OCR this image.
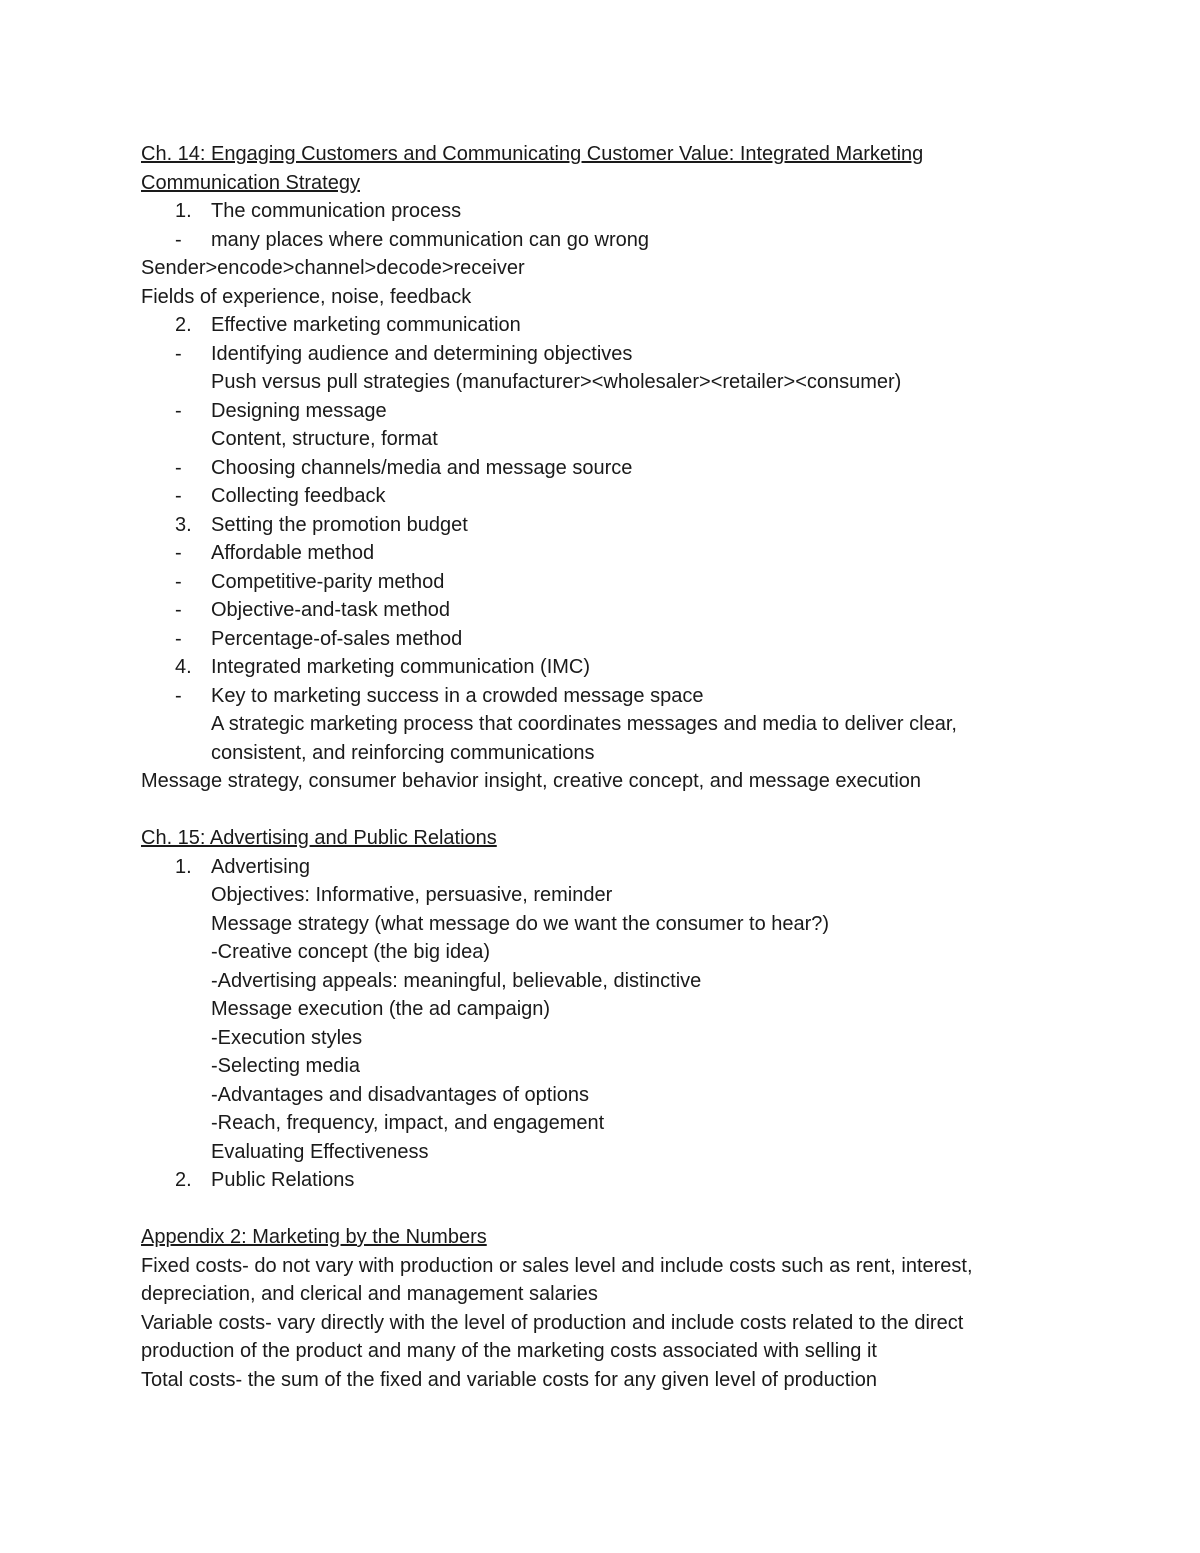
Ch. 14: Engaging Customers and Communicating Customer Value: Integrated Marketing
Communication Strategy
1. The communication process
- many places where communication can go wrong
Sender>encode>channel>decode>receiver
Fields of experience, noise, feedback
2. Effective marketing communication
- Identifying audience and determining objectives
Push versus pull strategies (manufacturer><wholesaler><retailer><consumer)
- Designing message
Content, structure, format
- Choosing channels/media and message source
- Collecting feedback
3. Setting the promotion budget
- Affordable method
- Competitive-parity method
- Objective-and-task method
- Percentage-of-sales method
4. Integrated marketing communication (IMC)
- Key to marketing success in a crowded message space
A strategic marketing process that coordinates messages and media to deliver clear,
consistent, and reinforcing communications
Message strategy, consumer behavior insight, creative concept, and message execution
Ch. 15: Advertising and Public Relations
1. Advertising
Objectives: Informative, persuasive, reminder
Message strategy (what message do we want the consumer to hear?)
-Creative concept (the big idea)
-Advertising appeals: meaningful, believable, distinctive
Message execution (the ad campaign)
-Execution styles
-Selecting media
-Advantages and disadvantages of options
-Reach, frequency, impact, and engagement
Evaluating Effectiveness
2. Public Relations
Appendix 2: Marketing by the Numbers
Fixed costs- do not vary with production or sales level and include costs such as rent, interest,
depreciation, and clerical and management salaries
Variable costs- vary directly with the level of production and include costs related to the direct
production of the product and many of the marketing costs associated with selling it
Total costs- the sum of the fixed and variable costs for any given level of production
